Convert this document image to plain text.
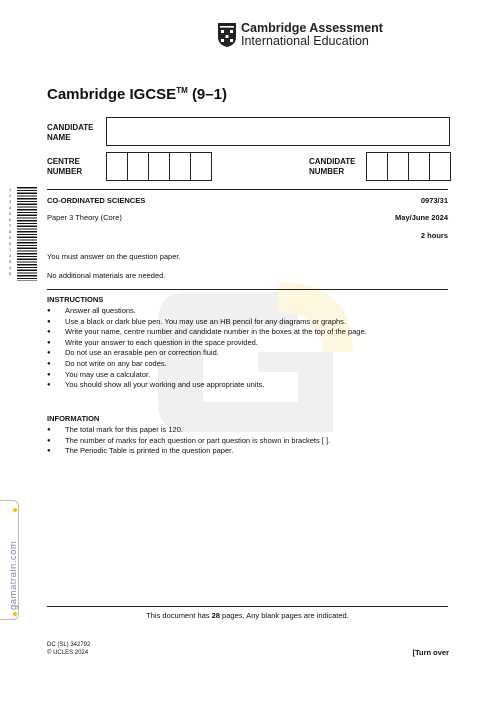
Cambridge Assessment
International Education
Cambridge IGCSE™ (9–1)
CANDIDATE
NAME
CENTRE
NUMBER
CANDIDATE
NUMBER
1
2
3
4
5
6
7
8
9
0
1
2
3
4
5
CO-ORDINATED SCIENCES	0973/31
Paper 3 Theory (Core)	May/June 2024
2 hours
You must answer on the question paper.
No additional materials are needed.
INSTRUCTIONS
● Answer all questions.
● Use a black or dark blue pen. You may use an HB pencil for any diagrams or graphs.
● Write your name, centre number and candidate number in the boxes at the top of the page.
● Write your answer to each question in the space provided.
● Do not use an erasable pen or correction fluid.
● Do not write on any bar codes.
● You may use a calculator.
● You should show all your working and use appropriate units.
INFORMATION
● The total mark for this paper is 120.
● The number of marks for each question or part question is shown in brackets [ ].
● The Periodic Table is printed in the question paper.
gamatrain.com
This document has 28 pages. Any blank pages are indicated.
DC (SL) 342792
© UCLES 2024	[Turn over
